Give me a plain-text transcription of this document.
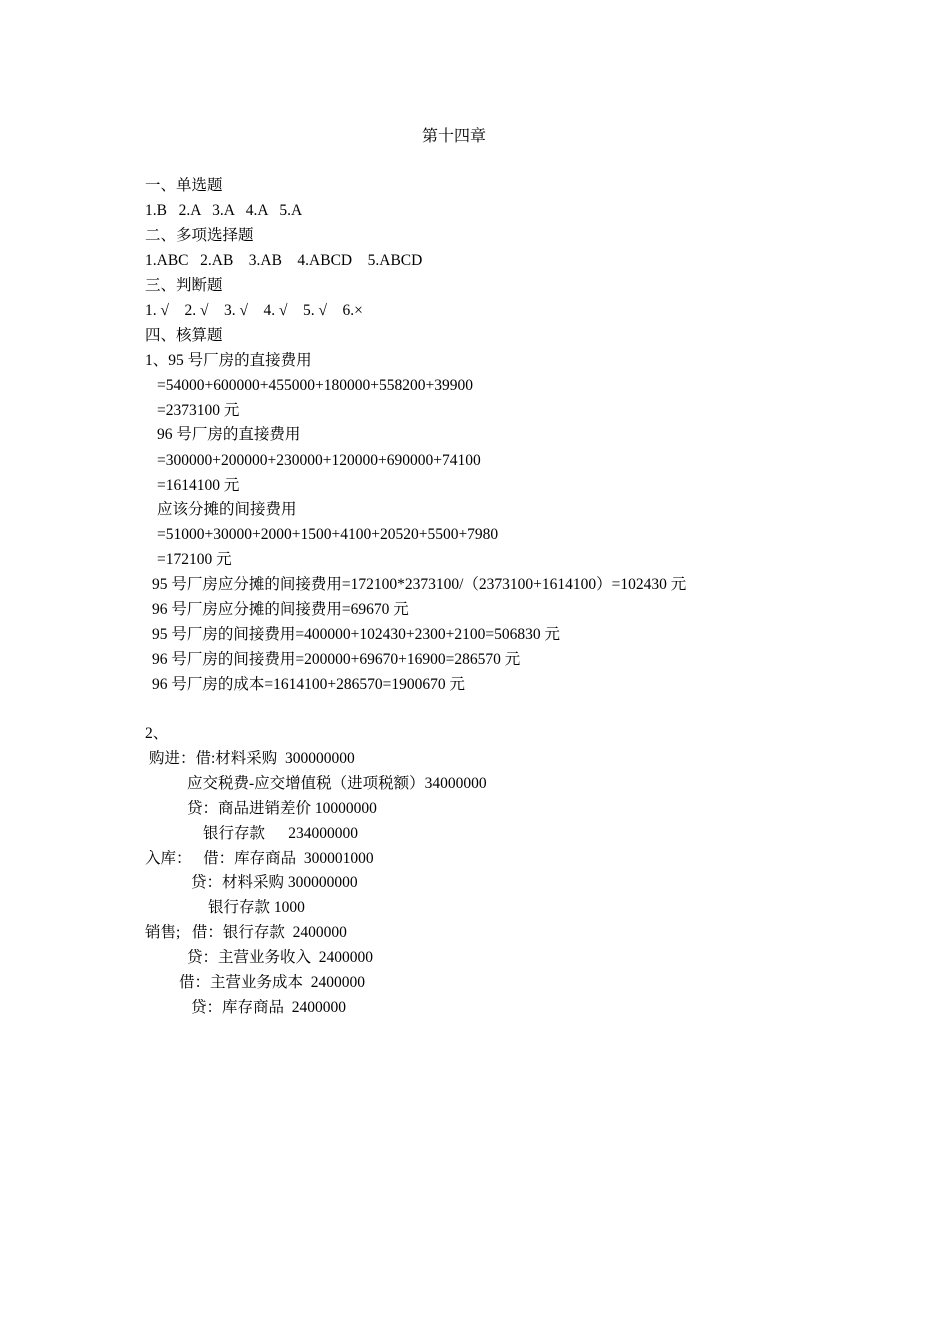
第十四章
一、单选题
1.B   2.A   3.A   4.A   5.A
二、多项选择题
1.ABC   2.AB    3.AB    4.ABCD    5.ABCD
三、判断题
1. √    2. √    3. √    4. √    5. √    6.×
四、核算题
1、95 号厂房的直接费用
=54000+600000+455000+180000+558200+39900
=2373100 元
96 号厂房的直接费用
=300000+200000+230000+120000+690000+74100
=1614100 元
应该分摊的间接费用
=51000+30000+2000+1500+4100+20520+5500+7980
=172100 元
95 号厂房应分摊的间接费用=172100*2373100/（2373100+1614100）=102430 元
96 号厂房应分摊的间接费用=69670 元
95 号厂房的间接费用=400000+102430+2300+2100=506830 元
96 号厂房的间接费用=200000+69670+16900=286570 元
96 号厂房的成本=1614100+286570=1900670 元
2、
购进：借:材料采购  300000000
应交税费-应交增值税（进项税额）34000000
贷：商品进销差价 10000000
银行存款      234000000
入库：   借：库存商品  300001000
贷：材料采购 300000000
银行存款 1000
销售;   借：银行存款  2400000
贷：主营业务收入  2400000
借：主营业务成本  2400000
贷：库存商品  2400000
